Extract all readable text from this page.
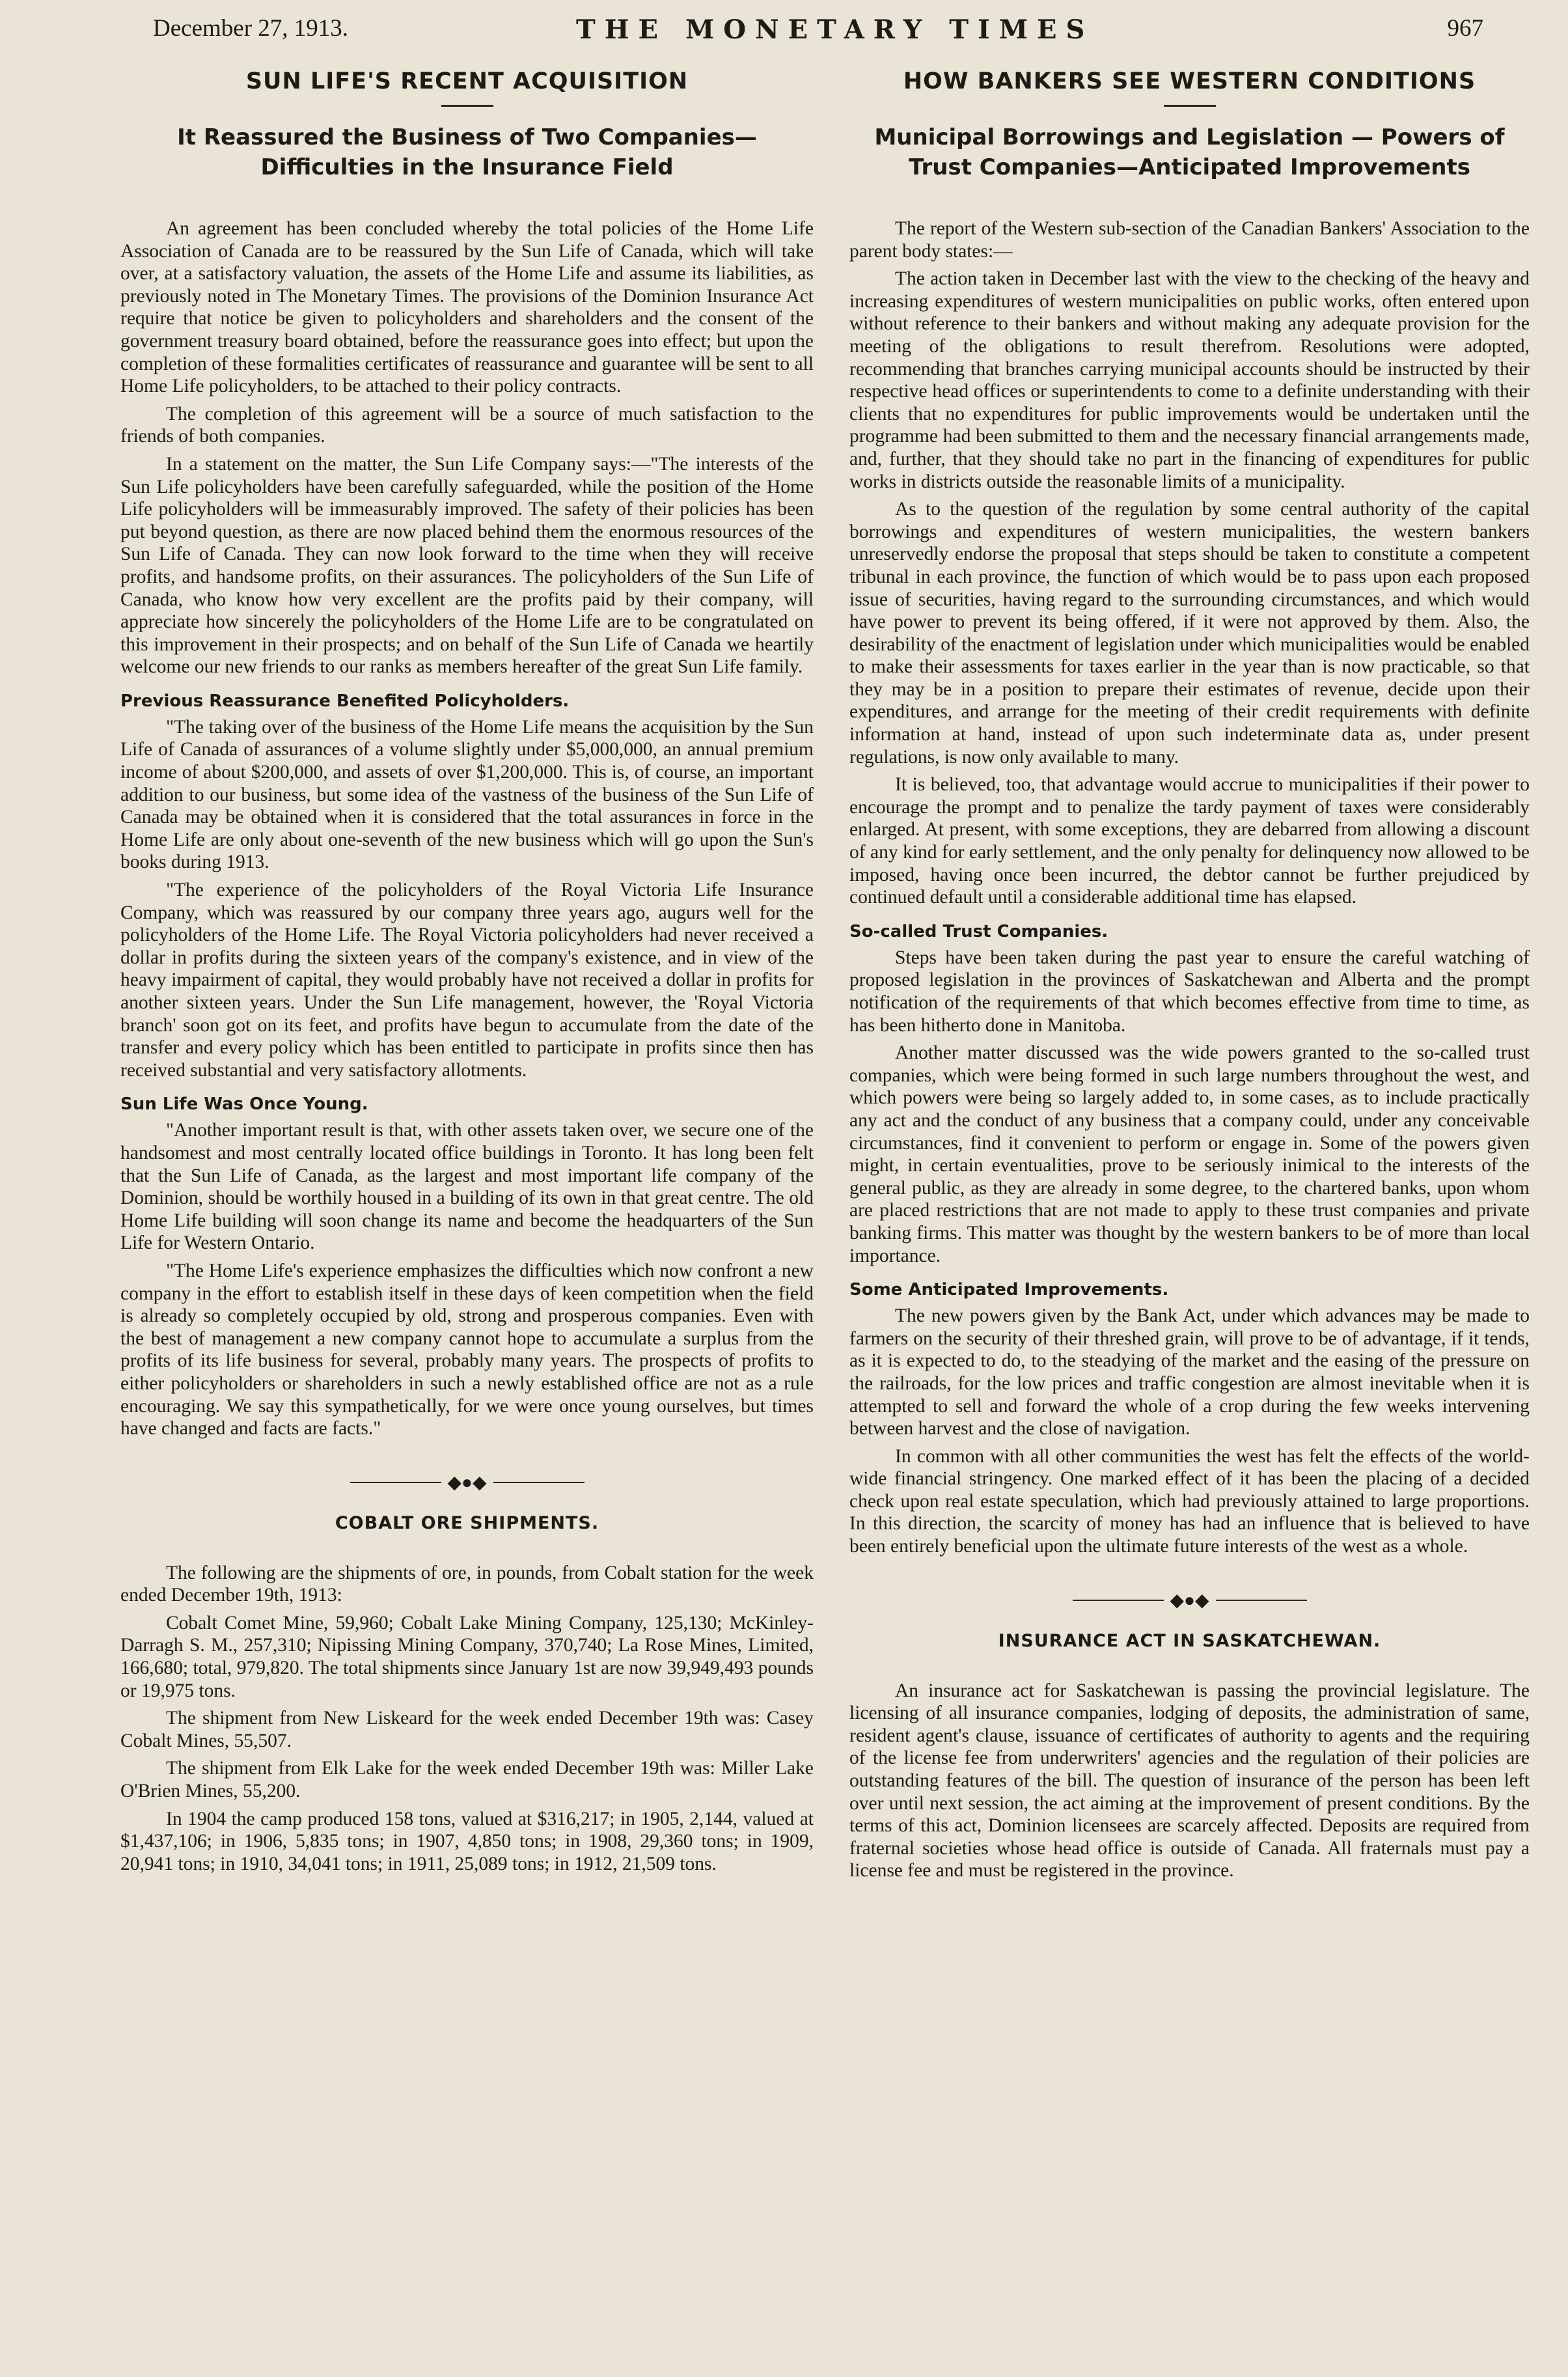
December 27, 1913.	THE MONETARY TIMES	967
SUN LIFE'S RECENT ACQUISITION
It Reassured the Business of Two Companies—Difficulties in the Insurance Field

An agreement has been concluded whereby the total policies of the Home Life Association of Canada are to be reassured by the Sun Life of Canada, which will take over, at a satisfactory valuation, the assets of the Home Life and assume its liabilities, as previously noted in The Monetary Times. The provisions of the Dominion Insurance Act require that notice be given to policyholders and shareholders and the consent of the government treasury board obtained, before the reassurance goes into effect; but upon the completion of these formalities certificates of reassurance and guarantee will be sent to all Home Life policyholders, to be attached to their policy contracts.

The completion of this agreement will be a source of much satisfaction to the friends of both companies.

In a statement on the matter, the Sun Life Company says:—"The interests of the Sun Life policyholders have been carefully safeguarded, while the position of the Home Life policyholders will be immeasurably improved. The safety of their policies has been put beyond question, as there are now placed behind them the enormous resources of the Sun Life of Canada. They can now look forward to the time when they will receive profits, and handsome profits, on their assurances. The policyholders of the Sun Life of Canada, who know how very excellent are the profits paid by their company, will appreciate how sincerely the policyholders of the Home Life are to be congratulated on this improvement in their prospects; and on behalf of the Sun Life of Canada we heartily welcome our new friends to our ranks as members hereafter of the great Sun Life family.

Previous Reassurance Benefited Policyholders.

"The taking over of the business of the Home Life means the acquisition by the Sun Life of Canada of assurances of a volume slightly under $5,000,000, an annual premium income of about $200,000, and assets of over $1,200,000. This is, of course, an important addition to our business, but some idea of the vastness of the business of the Sun Life of Canada may be obtained when it is considered that the total assurances in force in the Home Life are only about one-seventh of the new business which will go upon the Sun's books during 1913.

"The experience of the policyholders of the Royal Victoria Life Insurance Company, which was reassured by our company three years ago, augurs well for the policyholders of the Home Life. The Royal Victoria policyholders had never received a dollar in profits during the sixteen years of the company's existence, and in view of the heavy impairment of capital, they would probably have not received a dollar in profits for another sixteen years. Under the Sun Life management, however, the 'Royal Victoria branch' soon got on its feet, and profits have begun to accumulate from the date of the transfer and every policy which has been entitled to participate in profits since then has received substantial and very satisfactory allotments.

Sun Life Was Once Young.

"Another important result is that, with other assets taken over, we secure one of the handsomest and most centrally located office buildings in Toronto. It has long been felt that the Sun Life of Canada, as the largest and most important life company of the Dominion, should be worthily housed in a building of its own in that great centre. The old Home Life building will soon change its name and become the headquarters of the Sun Life for Western Ontario.

"The Home Life's experience emphasizes the difficulties which now confront a new company in the effort to establish itself in these days of keen competition when the field is already so completely occupied by old, strong and prosperous companies. Even with the best of management a new company cannot hope to accumulate a surplus from the profits of its life business for several, probably many years. The prospects of profits to either policyholders or shareholders in such a newly established office are not as a rule encouraging. We say this sympathetically, for we were once young ourselves, but times have changed and facts are facts."

◆●◆
COBALT ORE SHIPMENTS.

The following are the shipments of ore, in pounds, from Cobalt station for the week ended December 19th, 1913:

Cobalt Comet Mine, 59,960; Cobalt Lake Mining Company, 125,130; McKinley-Darragh S. M., 257,310; Nipissing Mining Company, 370,740; La Rose Mines, Limited, 166,680; total, 979,820. The total shipments since January 1st are now 39,949,493 pounds or 19,975 tons.

The shipment from New Liskeard for the week ended December 19th was: Casey Cobalt Mines, 55,507.

The shipment from Elk Lake for the week ended December 19th was: Miller Lake O'Brien Mines, 55,200.

In 1904 the camp produced 158 tons, valued at $316,217; in 1905, 2,144, valued at $1,437,106; in 1906, 5,835 tons; in 1907, 4,850 tons; in 1908, 29,360 tons; in 1909, 20,941 tons; in 1910, 34,041 tons; in 1911, 25,089 tons; in 1912, 21,509 tons.

HOW BANKERS SEE WESTERN CONDITIONS
Municipal Borrowings and Legislation — Powers of Trust Companies—Anticipated Improvements

The report of the Western sub-section of the Canadian Bankers' Association to the parent body states:—

The action taken in December last with the view to the checking of the heavy and increasing expenditures of western municipalities on public works, often entered upon without reference to their bankers and without making any adequate provision for the meeting of the obligations to result therefrom. Resolutions were adopted, recommending that branches carrying municipal accounts should be instructed by their respective head offices or superintendents to come to a definite understanding with their clients that no expenditures for public improvements would be undertaken until the programme had been submitted to them and the necessary financial arrangements made, and, further, that they should take no part in the financing of expenditures for public works in districts outside the reasonable limits of a municipality.

As to the question of the regulation by some central authority of the capital borrowings and expenditures of western municipalities, the western bankers unreservedly endorse the proposal that steps should be taken to constitute a competent tribunal in each province, the function of which would be to pass upon each proposed issue of securities, having regard to the surrounding circumstances, and which would have power to prevent its being offered, if it were not approved by them. Also, the desirability of the enactment of legislation under which municipalities would be enabled to make their assessments for taxes earlier in the year than is now practicable, so that they may be in a position to prepare their estimates of revenue, decide upon their expenditures, and arrange for the meeting of their credit requirements with definite information at hand, instead of upon such indeterminate data as, under present regulations, is now only available to many.

It is believed, too, that advantage would accrue to municipalities if their power to encourage the prompt and to penalize the tardy payment of taxes were considerably enlarged. At present, with some exceptions, they are debarred from allowing a discount of any kind for early settlement, and the only penalty for delinquency now allowed to be imposed, having once been incurred, the debtor cannot be further prejudiced by continued default until a considerable additional time has elapsed.

So-called Trust Companies.

Steps have been taken during the past year to ensure the careful watching of proposed legislation in the provinces of Saskatchewan and Alberta and the prompt notification of the requirements of that which becomes effective from time to time, as has been hitherto done in Manitoba.

Another matter discussed was the wide powers granted to the so-called trust companies, which were being formed in such large numbers throughout the west, and which powers were being so largely added to, in some cases, as to include practically any act and the conduct of any business that a company could, under any conceivable circumstances, find it convenient to perform or engage in. Some of the powers given might, in certain eventualities, prove to be seriously inimical to the interests of the general public, as they are already in some degree, to the chartered banks, upon whom are placed restrictions that are not made to apply to these trust companies and private banking firms. This matter was thought by the western bankers to be of more than local importance.

Some Anticipated Improvements.

The new powers given by the Bank Act, under which advances may be made to farmers on the security of their threshed grain, will prove to be of advantage, if it tends, as it is expected to do, to the steadying of the market and the easing of the pressure on the railroads, for the low prices and traffic congestion are almost inevitable when it is attempted to sell and forward the whole of a crop during the few weeks intervening between harvest and the close of navigation.

In common with all other communities the west has felt the effects of the world-wide financial stringency. One marked effect of it has been the placing of a decided check upon real estate speculation, which had previously attained to large proportions. In this direction, the scarcity of money has had an influence that is believed to have been entirely beneficial upon the ultimate future interests of the west as a whole.

◆●◆
INSURANCE ACT IN SASKATCHEWAN.

An insurance act for Saskatchewan is passing the provincial legislature. The licensing of all insurance companies, lodging of deposits, the administration of same, resident agent's clause, issuance of certificates of authority to agents and the requiring of the license fee from underwriters' agencies and the regulation of their policies are outstanding features of the bill. The question of insurance of the person has been left over until next session, the act aiming at the improvement of present conditions. By the terms of this act, Dominion licensees are scarcely affected. Deposits are required from fraternal societies whose head office is outside of Canada. All fraternals must pay a license fee and must be registered in the province.
